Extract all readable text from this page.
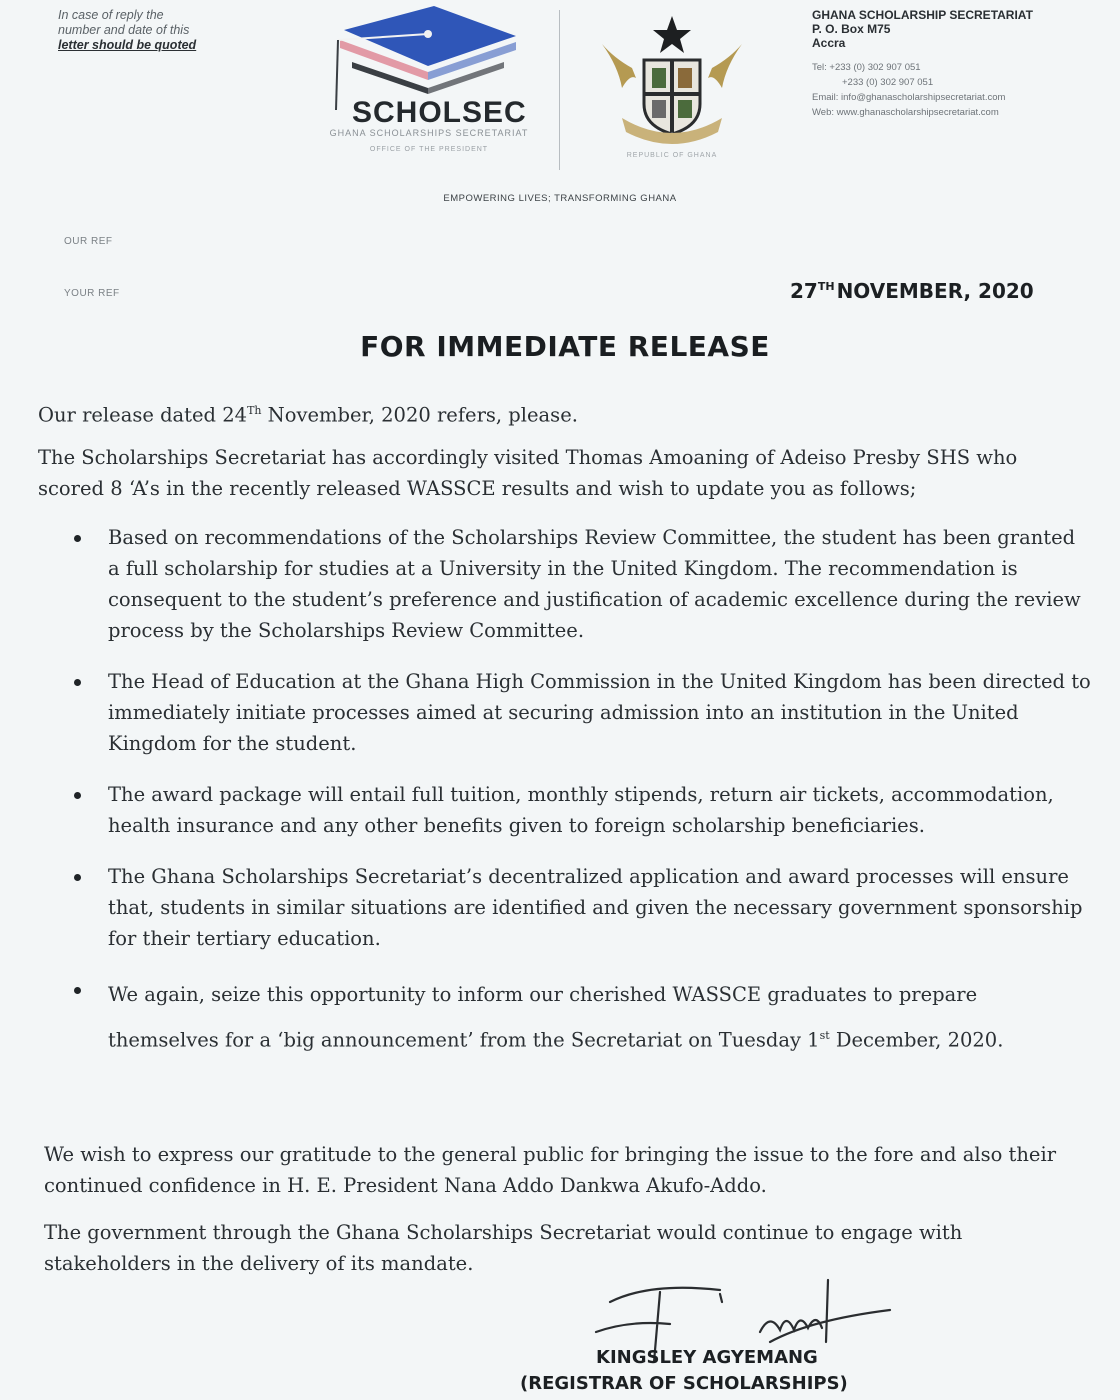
In case of reply the
number and date of this
letter should be quoted
SCHOLSEC
GHANA SCHOLARSHIPS SECRETARIAT
OFFICE OF THE PRESIDENT
REPUBLIC OF GHANA
GHANA SCHOLARSHIP SECRETARIAT
P. O. Box M75
Accra
Tel: +233 (0) 302 907 051
+233 (0) 302 907 051
Email: info@ghanascholarshipsecretariat.com
Web: www.ghanascholarshipsecretariat.com
EMPOWERING LIVES; TRANSFORMING GHANA
OUR REF
YOUR REF	27TH NOVEMBER, 2020
FOR IMMEDIATE RELEASE
Our release dated 24Th November, 2020 refers, please.
The Scholarships Secretariat has accordingly visited Thomas Amoaning of Adeiso Presby SHS who scored 8 ‘A’s in the recently released WASSCE results and wish to update you as follows;
Based on recommendations of the Scholarships Review Committee, the student has been granted a full scholarship for studies at a University in the United Kingdom. The recommendation is consequent to the student’s preference and justification of academic excellence during the review process by the Scholarships Review Committee.
The Head of Education at the Ghana High Commission in the United Kingdom has been directed to immediately initiate processes aimed at securing admission into an institution in the United Kingdom for the student.
The award package will entail full tuition, monthly stipends, return air tickets, accommodation, health insurance and any other benefits given to foreign scholarship beneficiaries.
The Ghana Scholarships Secretariat’s decentralized application and award processes will ensure that, students in similar situations are identified and given the necessary government sponsorship for their tertiary education.
We again, seize this opportunity to inform our cherished WASSCE graduates to prepare themselves for a ‘big announcement’ from the Secretariat on Tuesday 1st December, 2020.
We wish to express our gratitude to the general public for bringing the issue to the fore and also their continued confidence in H. E. President Nana Addo Dankwa Akufo-Addo.
The government through the Ghana Scholarships Secretariat would continue to engage with stakeholders in the delivery of its mandate.
KINGSLEY AGYEMANG
(REGISTRAR OF SCHOLARSHIPS)
